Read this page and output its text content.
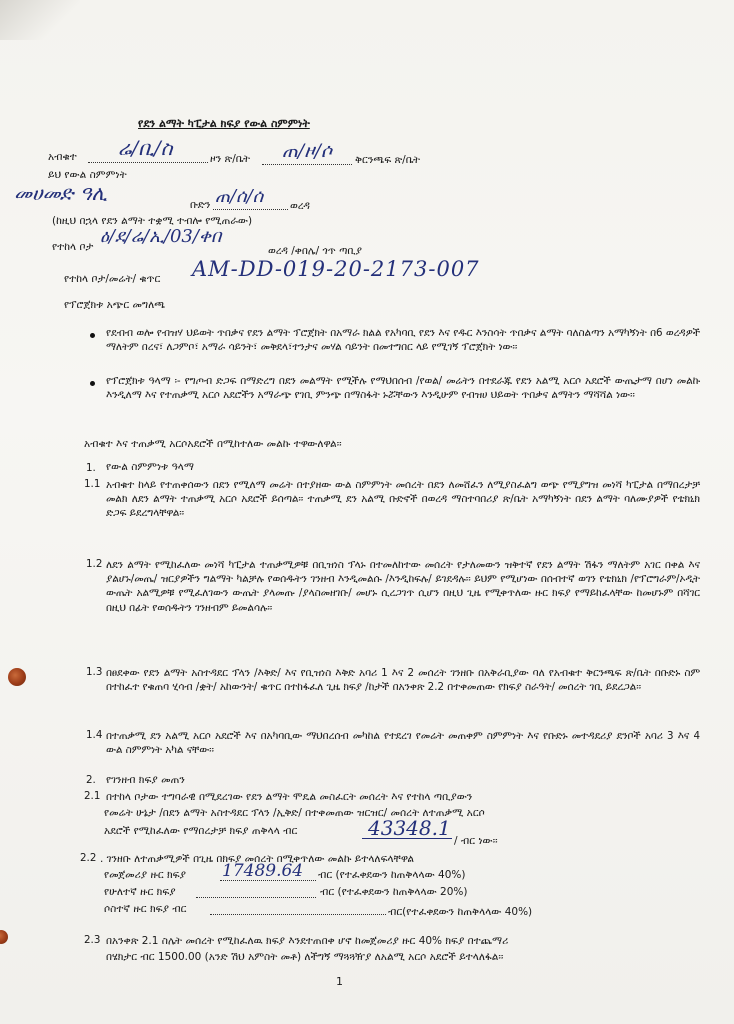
የደን ልማት ካፒታል ክፍያ የውል ስምምነት
አብቁተ ሬ/ቢ/ስ	ዞን ጽ/ቤት ጠ/ዞ/ሶ ቅርንጫፍ ጽ/ቤት
ይህ የውል ስምምነት
መሀመድ ዓሊ	ቡድን ጠ/ሰ/ሰ	ወረዳ
(ከዚህ በኋላ የደን ልማት ተቋሚ ተብሎ የሚጠራው)
የተከላ ቦታ ዕ/ደ/ሬ/ኢ/03/ቀበ
ወረዳ /ቀበሌ/ ጎጥ ጣቢያ
የተከላ ቦታ/መሬት/ ቁጥር AM-DD-019-20-2173-007
የፕሮጀክቱ አጭር መግለጫ
የደብብ ወሎ የብዝሃ ህይወት ጥበቃና የደን ልማት ፕሮጀክት በአማራ ክልል የአካባቢ የደን እና የዱር እንስሳት ጥበቃና ልማት ባለስልጣን አማካኝነት በ6 ወረዳዎች ማለትም በረና፣ ለጋምቦ፣ አማራ ሳይንት፣ መቅደላ፣ተንታና መሃል ሳይንት በመተግበር ላይ የሚገኝ ፕሮጀክት ነው፡፡
የፕሮጀክቱ ዓላማ ፡- የግጦብ ድጋፍ በማድረግ በደን መልማት የሚችሉ የማህበሰብ /የወል/ መሬትን በተደራጁ የደን አልሚ አርሶ አደሮች ውጤታማ በሆነ መልኩ እንዲለማ እና የተጠቃሚ አርሶ አደሮችን አማራጭ የገቢ ምንጭ በማስፋት ኑሯቸውን እንዲሁም የብዝሀ ህይወት ጥበቃና ልማትን ማሻሻል ነው፡፡
አብቁተ እና ተጠቃሚ አርሶአደሮች በሚከተለው መልኩ ተዋውለዋል፡፡
1. የውል ስምምነቱ ዓላማ
1.1 አብቁተ ከላይ የተጠቀሰውን በደን የሚለማ መሬት በተያዘው ውል ስምምነት መሰረት በደን ለመሸፈን ለሚያስፈልግ ወጭ የሚያግዝ መነሻ ካፒታል በማበረታቻ መልክ ለደን ልማት ተጠቃሚ አርሶ አደሮች ይሰጣል፡፡ ተጠቃሚ ደን አልሚ ቡድኖች በወረዳ ማስተባበሪያ ጽ/ቤት አማካኝነት በደን ልማት ባለሙያዎች የቴክኒክ ድጋፍ ይደረግላቸዋል፡፡
1.2 ለደን ልማት የሚከፈለው መነሻ ካፒታል ተጠቃሚዎቹ በቢዝነስ ፕላኑ በተመለከተው መሰረት የታለመውን ዝቅተኛ የደን ልማት ሽፋን ማለትም አገር በቀል እና ያልሆኑ/መጤ/ ዝርያዎችን ግልማት ካልቻሉ የወሰዱትን ገንዘብ እንዲመልሱ /እንዲከፍሉ/ ይገደዳሉ፡፡ ይህም የሚሆነው በሰብተኛ ወገን የቴክኒክ /የፕሮግራም/ኦዲት ውጤት አልሚዎቹ የሚፈለገውን ውጤት ያላመጡ /ያላስመዘገቡ/ መሆኑ ሲረጋገጥ ሲሆን በዚህ ጊዜ የሚቀጥለው ዙር ክፍያ የማይከፈላቸው ከመሆኑም በሻገር በዚህ በፊት የወሰዱትን ገንዘብም ይመልሳሉ፡፡
1.3 በፀደቀው የደን ልማት አስተዳደር ፕላን /እቅድ/ እና የቢዝነስ እቅድ አባሪ 1 እና 2 መሰረት ገንዘቡ በአቅራቢያው ባለ የአብቁተ ቅርንጫፍ ጽ/ቤት በቡድኑ ስም በተከፈተ የቁጠባ ሂሳብ /ቋት/ አከውንት/ ቁጥር በተከፋፈለ ጊዜ ክፍያ /ከታች በአንቀጽ 2.2 በተቀመጠው የክፍያ ስራዓት/ መሰረት ገቢ ይደረጋል፡፡
1.4 በተጠቃሚ ደን አልሚ አርሶ አደሮች እና በአካባቢው ማህበረሰብ መካከል የተደረገ የመሬት መጠቀም ስምምነት እና የቡድኑ መተዳደሪያ ደንቦች አባሪ 3 እና 4 ውል ስምምነት አካል ናቸው፡፡
2. የገንዘብ ክፍያ መጠን
2.1 በተከላ ቦታው ተግባራዊ በሚደረገው የደን ልማት ሞዴል መስፈርት መሰረት እና የተከላ ጣቢያውን
የመሬት ሁኔታ /በደን ልማት አስተዳደር ፕላን /ኢቅድ/ በተቀመጠው ዝርዝር/ መሰረት ለተጠቃሚ አርሶ
አደሮች የሚከፈለው የማበረታቻ ክፍያ ጠቅላላ ብር	43348.1
/ ብር ነው፡፡
2.2 . ገንዘቡ ለተጠቃሚዎች በጊዜ በክፍያ መሰረት በሚቀጥለው መልኩ ይተላለፍላቸዋል
የመጀመሪያ ዙር ክፍያ 17489.64 ብር (የተፈቀደውን ከጠቅላላው 40%)
የሁለተኛ ዙር ክፍያ	ብር (የተፈቀደውን ከጠቅላላው 20%)
ሶስተኛ ዙር ክፍያ ብር	ብር(የተፈቀደውን ከጠቅላላው 40%)
2.3 በአንቀጽ 2.1 ስሌት መሰረት የሚከፈለዉ ክፍያ እንደተጠበቀ ሆኖ ከመጀመሪያ ዙር 40% ክፍያ በተጨማሪ
በሄክታር ብር 1500.00 (አንድ ሽህ አምስት መቶ) ለችግኝ ማጓጓዥያ ለአልሚ አርሶ አደሮች ይተላለፋል፡፡
1
